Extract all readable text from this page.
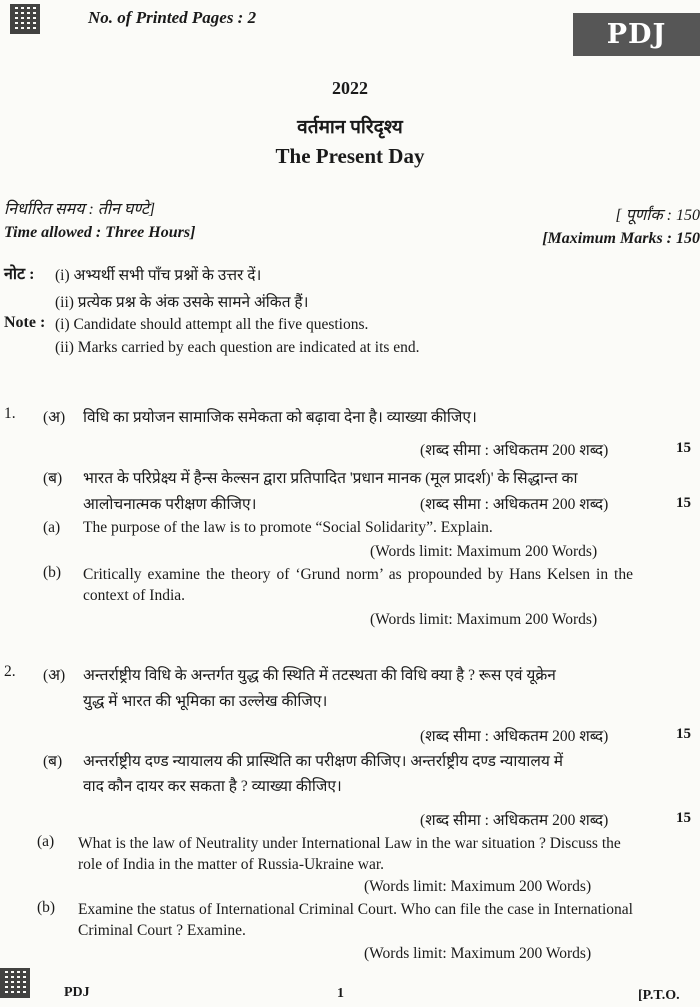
No. of Printed Pages : 2
PDJ
2022
वर्तमान परिदृश्य
The Present Day
निर्धारित समय : तीन घण्टे]	[ पूर्णांक : 150
Time allowed : Three Hours]	[Maximum Marks : 150
नोट : (i) अभ्यर्थी सभी पाँच प्रश्नों के उत्तर दें।
(ii) प्रत्येक प्रश्न के अंक उसके सामने अंकित हैं।
Note : (i) Candidate should attempt all the five questions.
(ii) Marks carried by each question are indicated at its end.
1. (अ) विधि का प्रयोजन सामाजिक समेकता को बढ़ावा देना है। व्याख्या कीजिए।
(शब्द सीमा : अधिकतम 200 शब्द)	15
(ब) भारत के परिप्रेक्ष्य में हैन्स केल्सन द्वारा प्रतिपादित 'प्रधान मानक (मूल प्रादर्श)' के सिद्धान्त का
आलोचनात्मक परीक्षण कीजिए।	(शब्द सीमा : अधिकतम 200 शब्द)	15
(a) The purpose of the law is to promote “Social Solidarity”. Explain.
(Words limit: Maximum 200 Words)
(b) Critically examine the theory of ‘Grund norm’ as propounded by Hans Kelsen in the context of India.
(Words limit: Maximum 200 Words)
2. (अ) अन्तर्राष्ट्रीय विधि के अन्तर्गत युद्ध की स्थिति में तटस्थता की विधि क्या है ? रूस एवं यूक्रेन
युद्ध में भारत की भूमिका का उल्लेख कीजिए।
(शब्द सीमा : अधिकतम 200 शब्द)	15
(ब) अन्तर्राष्ट्रीय दण्ड न्यायालय की प्रास्थिति का परीक्षण कीजिए। अन्तर्राष्ट्रीय दण्ड न्यायालय में
वाद कौन दायर कर सकता है ? व्याख्या कीजिए।
(शब्द सीमा : अधिकतम 200 शब्द)	15
(a) What is the law of Neutrality under International Law in the war situation ? Discuss the role of India in the matter of Russia-Ukraine war.
(Words limit: Maximum 200 Words)
(b) Examine the status of International Criminal Court. Who can file the case in International Criminal Court ? Examine.
(Words limit: Maximum 200 Words)
PDJ	1	[P.T.O.
